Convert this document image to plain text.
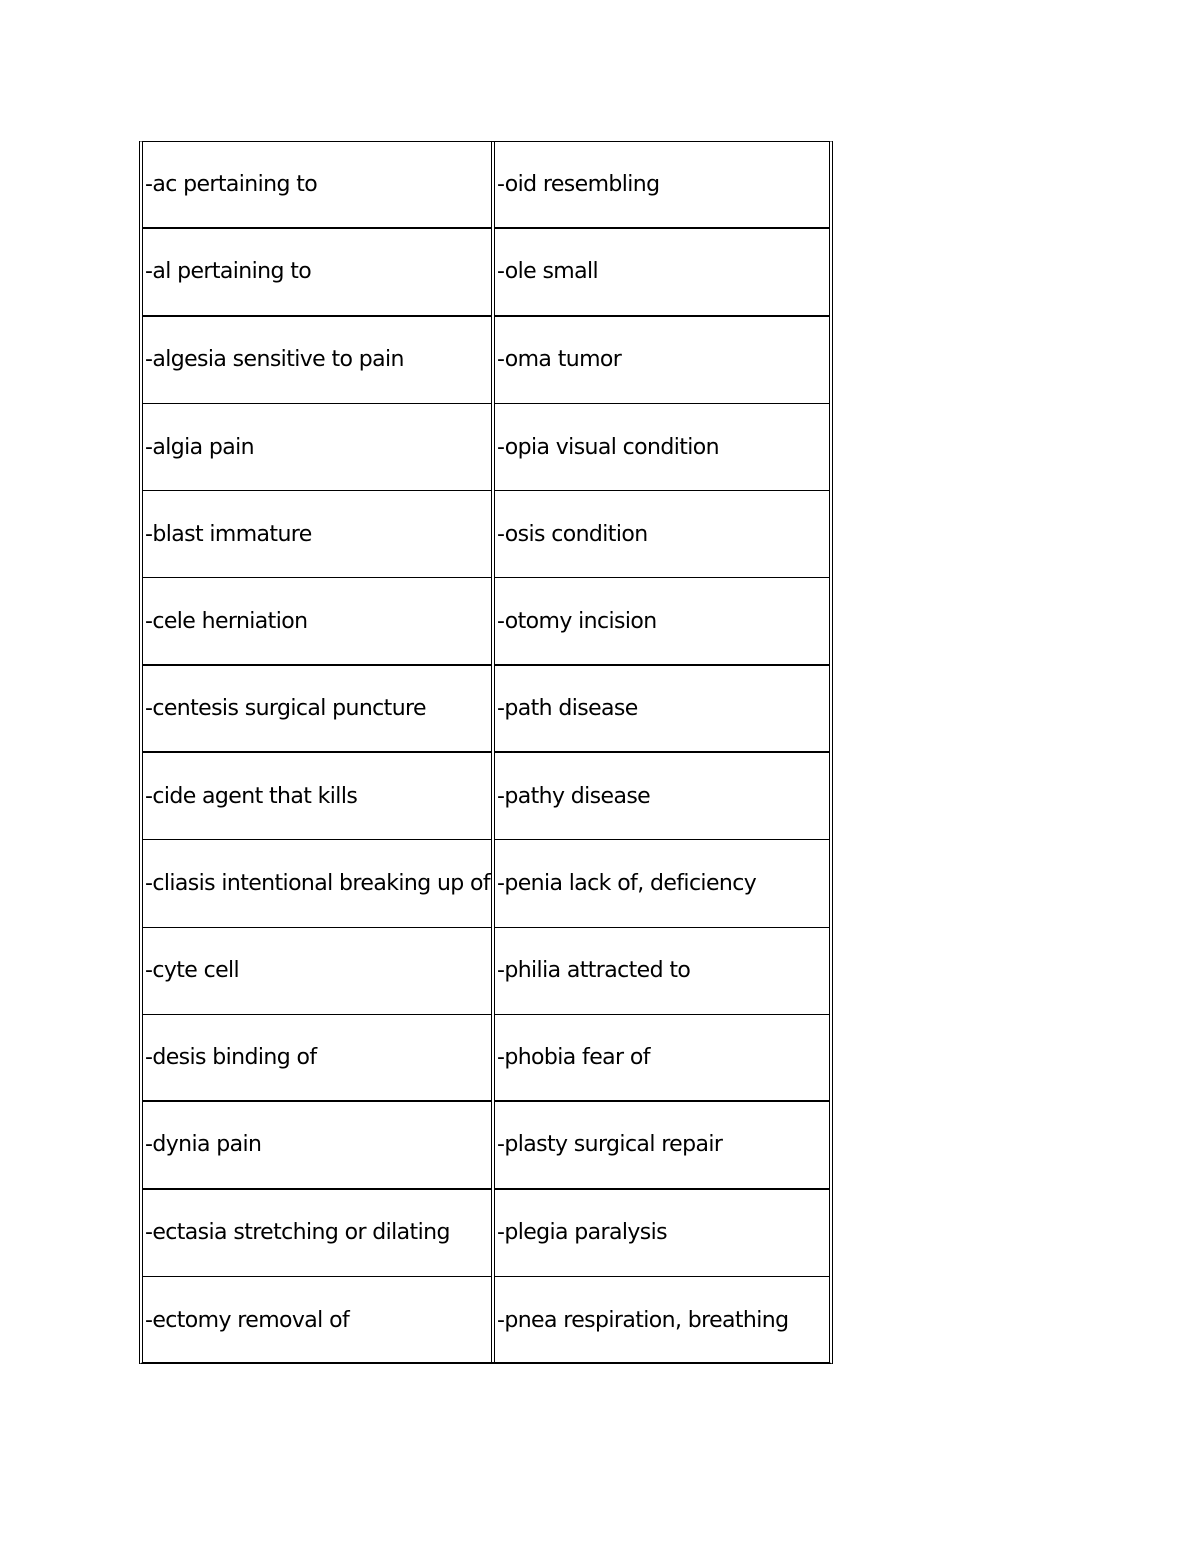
-ac pertaining to
-al pertaining to
-algesia sensitive to pain
-algia pain
-blast immature
-cele herniation
-centesis surgical puncture
-cide agent that kills
-cliasis intentional breaking up of
-cyte cell
-desis binding of
-dynia pain
-ectasia stretching or dilating
-ectomy removal of
-oid resembling
-ole small
-oma tumor
-opia visual condition
-osis condition
-otomy incision
-path disease
-pathy disease
-penia lack of, deficiency
-philia attracted to
-phobia fear of
-plasty surgical repair
-plegia paralysis
-pnea respiration, breathing
